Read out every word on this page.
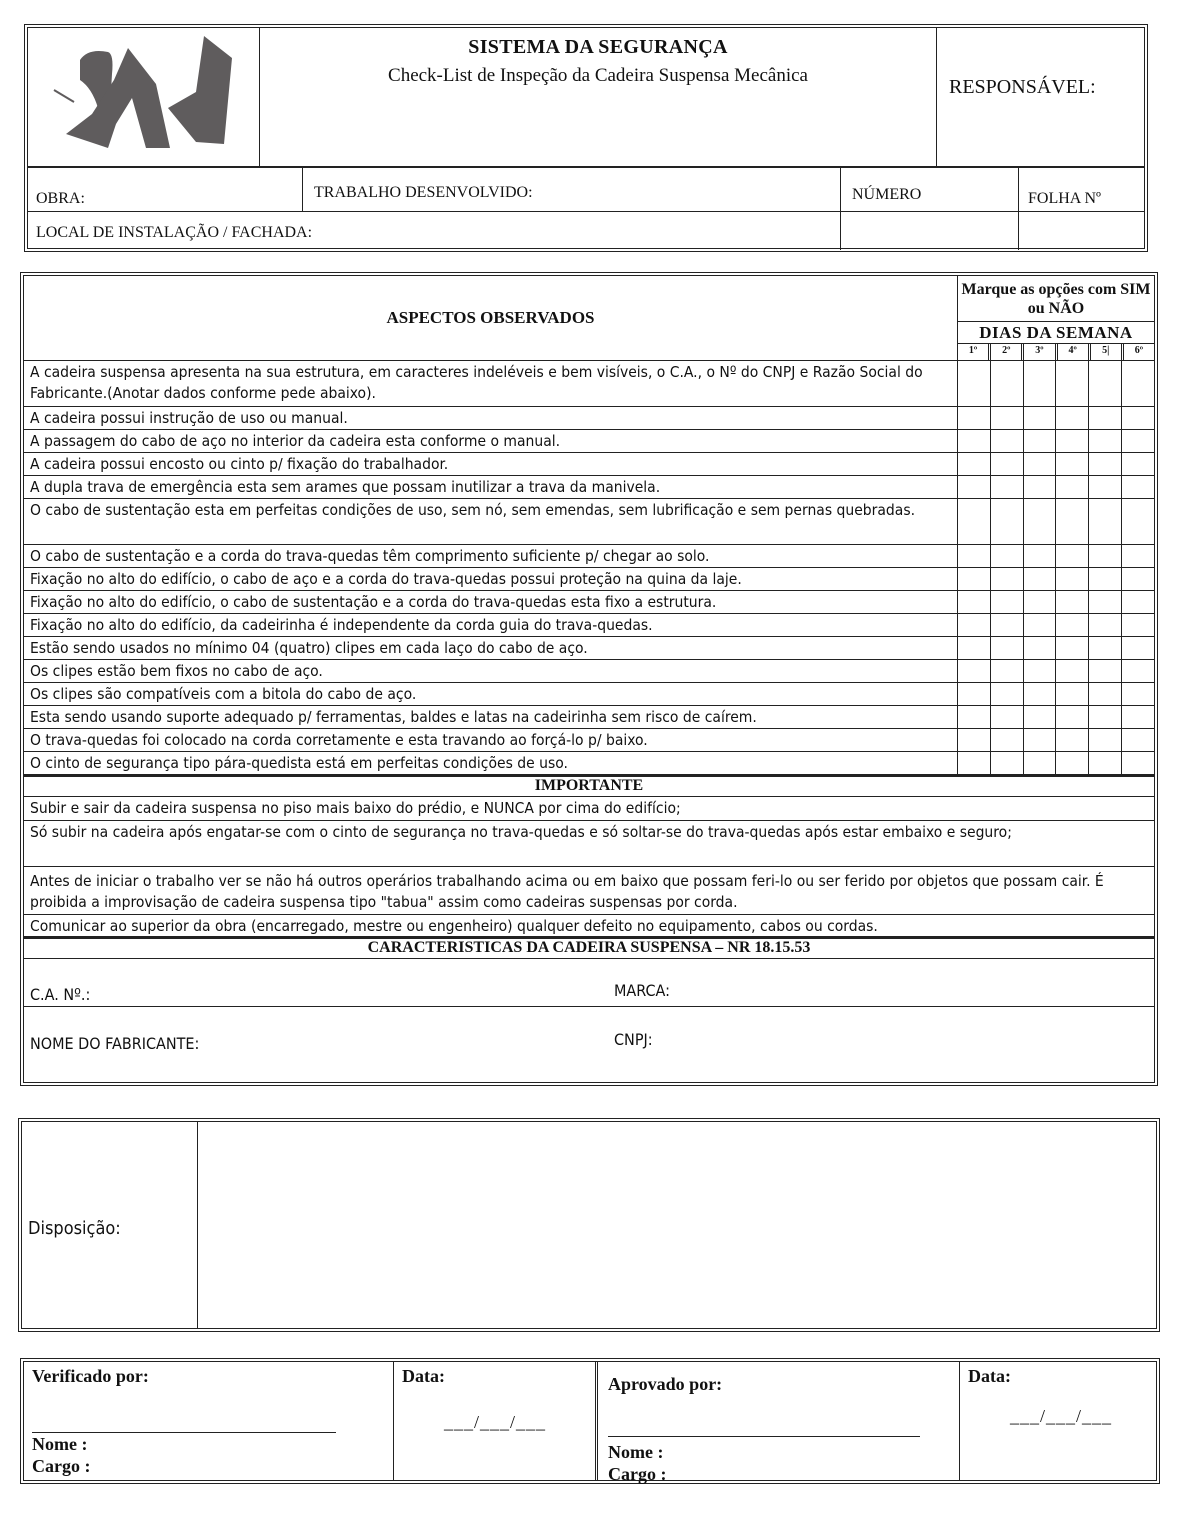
SISTEMA DA SEGURANÇA
Check-List de Inspeção da Cadeira Suspensa Mecânica
RESPONSÁVEL:
OBRA:	TRABALHO DESENVOLVIDO:	NÚMERO	FOLHA Nº
LOCAL DE INSTALAÇÃO / FACHADA:
ASPECTOS OBSERVADOS
Marque as opções com SIM ou NÃO
DIAS DA SEMANA
1º	2º	3º	4º	5|	6º
A cadeira suspensa apresenta na sua estrutura, em caracteres indeléveis e bem visíveis, o C.A., o Nº do CNPJ e Razão Social do Fabricante.(Anotar dados conforme pede abaixo).
A cadeira possui instrução de uso ou manual.
A passagem do cabo de aço no interior da cadeira esta conforme o manual.
A cadeira possui encosto ou cinto p/ fixação do trabalhador.
A dupla trava de emergência esta sem arames que possam inutilizar a trava da manivela.
O cabo de sustentação esta em perfeitas condições de uso, sem nó, sem emendas, sem lubrificação e sem pernas quebradas.
O cabo de sustentação e a corda do trava-quedas têm comprimento suficiente p/ chegar ao solo.
Fixação no alto do edifício, o cabo de aço e a corda do trava-quedas possui proteção na quina da laje.
Fixação no alto do edifício, o cabo de sustentação e a corda do trava-quedas esta fixo a estrutura.
Fixação no alto do edifício, da cadeirinha é independente da corda guia do trava-quedas.
Estão sendo usados no mínimo 04 (quatro) clipes em cada laço do cabo de aço.
Os clipes estão bem fixos no cabo de aço.
Os clipes são compatíveis com a bitola do cabo de aço.
Esta sendo usando suporte adequado p/ ferramentas, baldes e latas na cadeirinha sem risco de caírem.
O trava-quedas foi colocado na corda corretamente e esta travando ao forçá-lo p/ baixo.
O cinto de segurança tipo pára-quedista está em perfeitas condições de uso.
IMPORTANTE
Subir e sair da cadeira suspensa no piso mais baixo do prédio, e NUNCA por cima do edifício;
Só subir na cadeira após engatar-se com o cinto de segurança no trava-quedas e só soltar-se do trava-quedas após estar embaixo e seguro;
Antes de iniciar o trabalho ver se não há outros operários trabalhando acima ou em baixo que possam feri-lo ou ser ferido por objetos que possam cair. É proibida a improvisação de cadeira suspensa tipo "tabua" assim como cadeiras suspensas por corda.
Comunicar ao superior da obra (encarregado, mestre ou engenheiro) qualquer defeito no equipamento, cabos ou cordas.
CARACTERISTICAS DA CADEIRA SUSPENSA – NR 18.15.53
C.A. Nº.:	MARCA:
NOME DO FABRICANTE:	CNPJ:
Disposição:
Verificado por:
Nome :
Cargo :
Data:
___/___/___
Aprovado por:
Nome :
Cargo :
Data:
___/___/___
